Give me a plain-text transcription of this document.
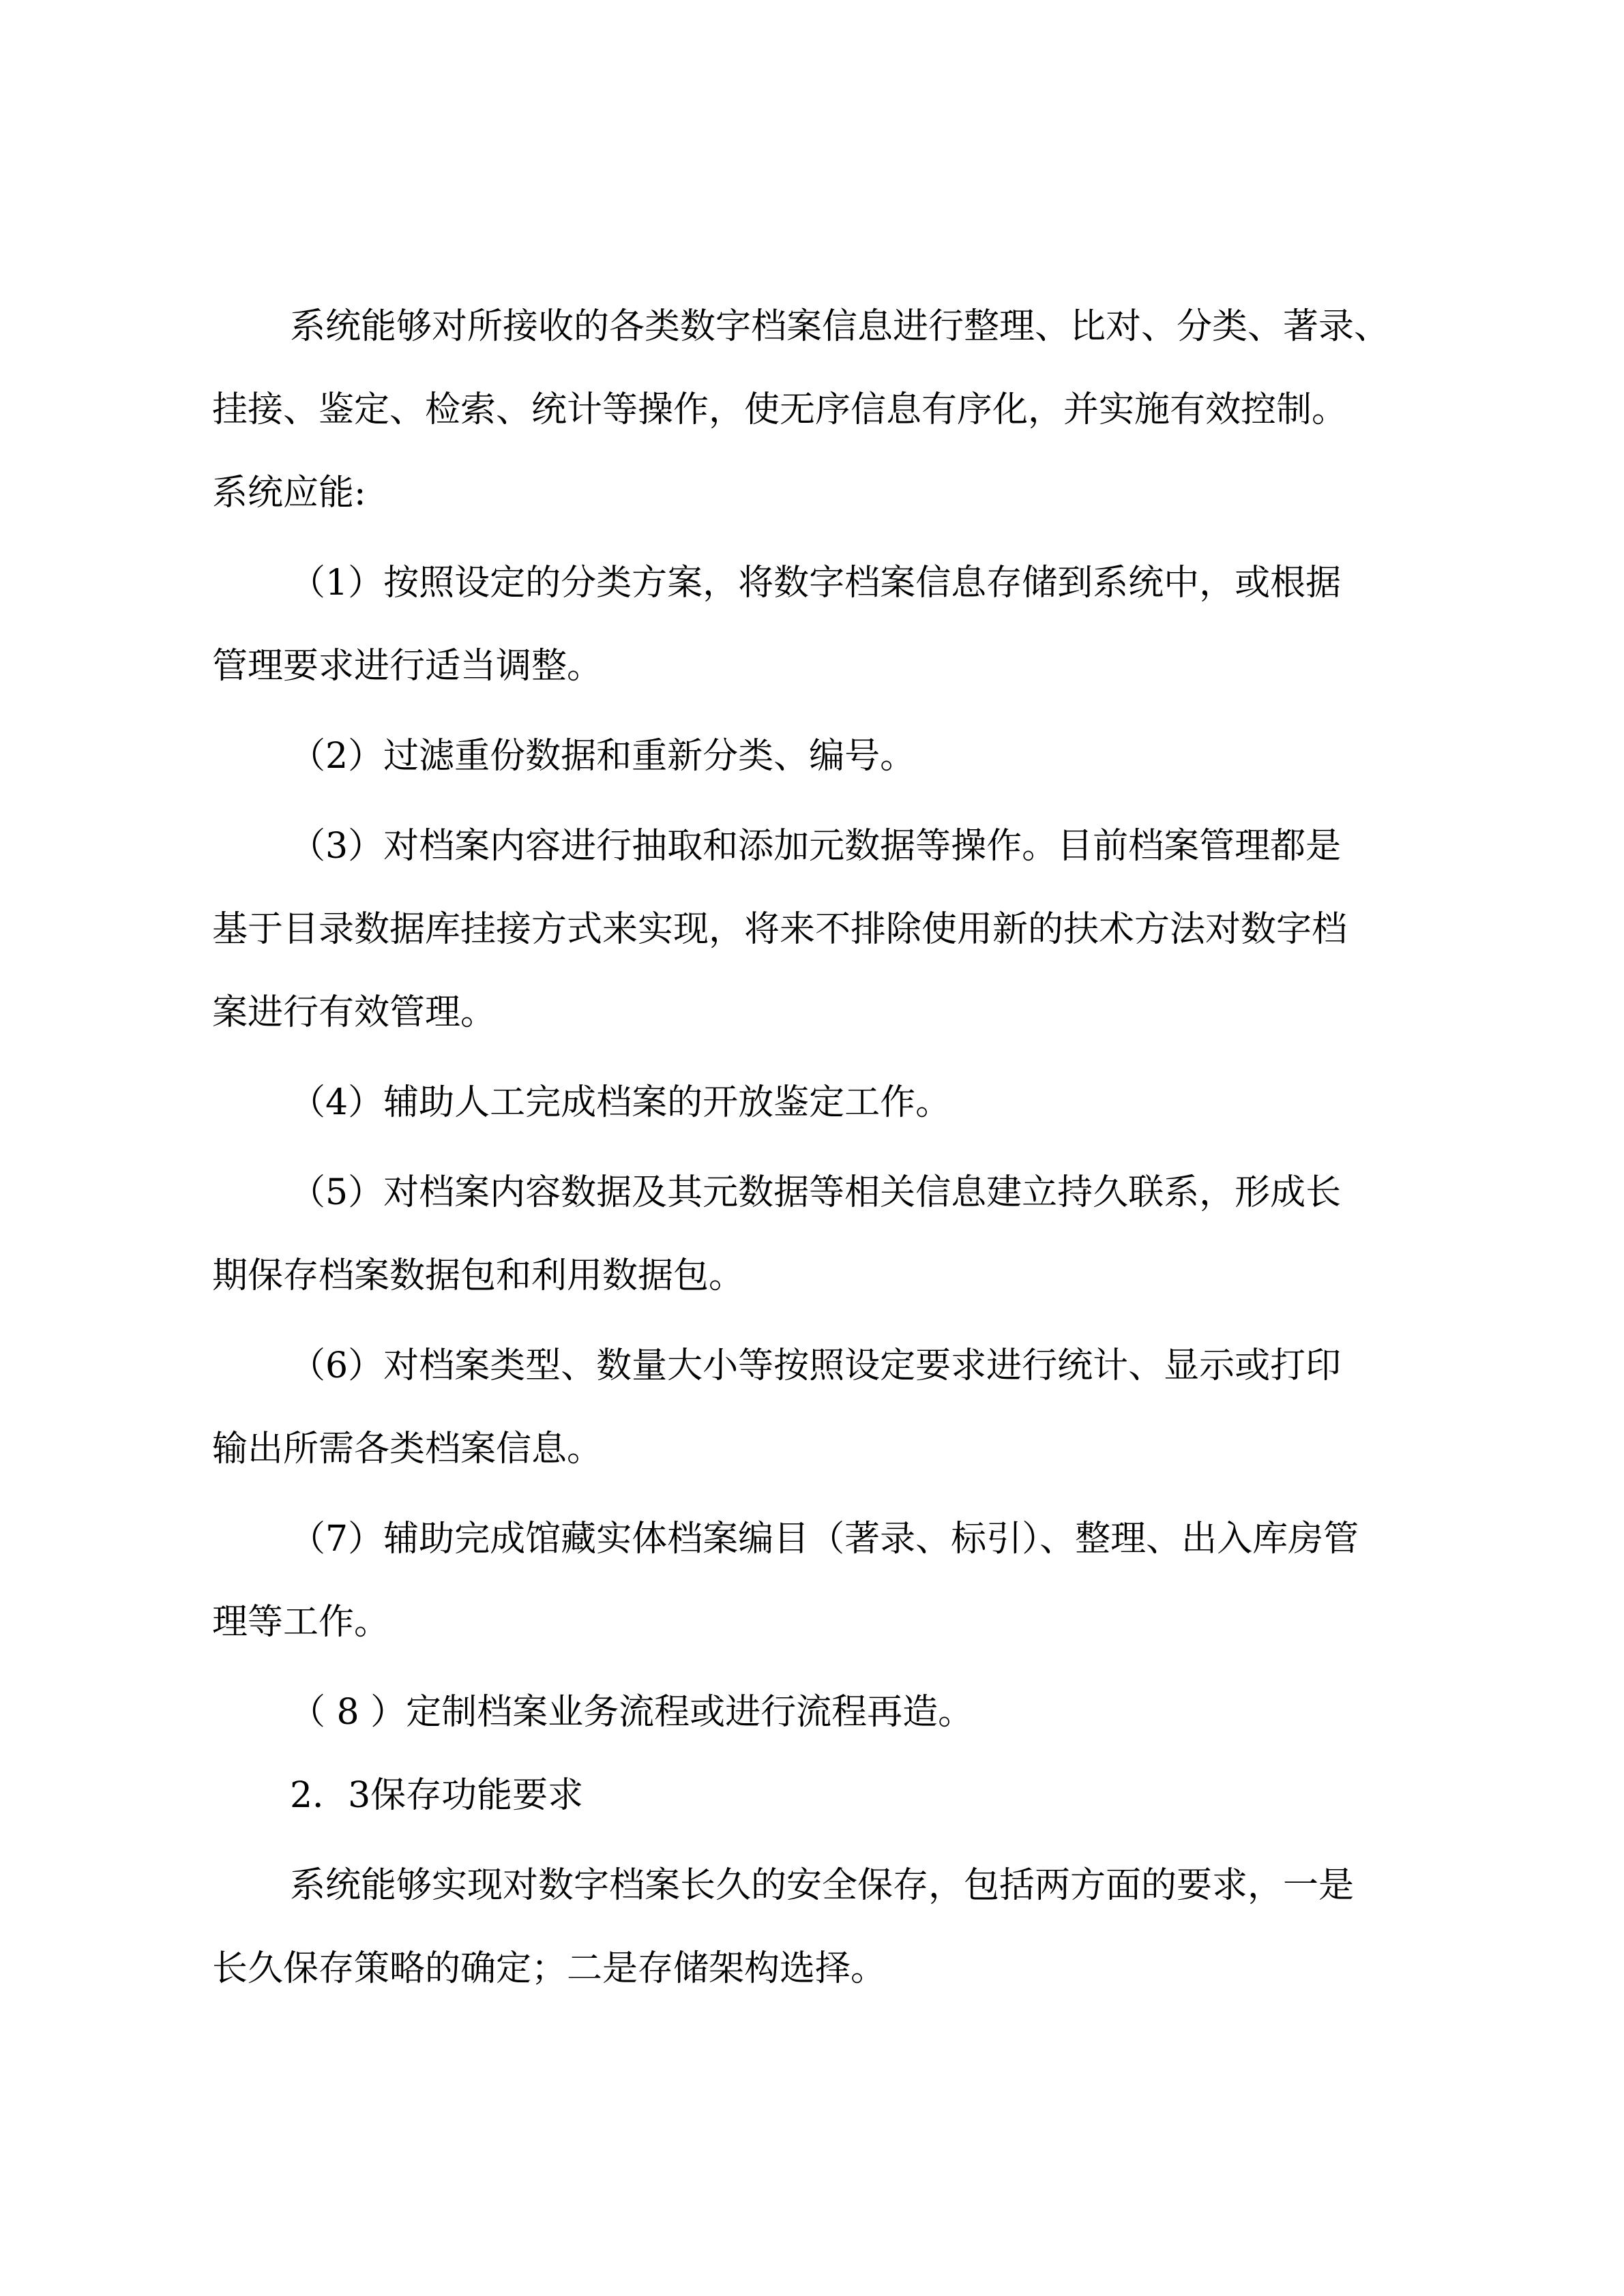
系统能够对所接收的各类数字档案信息进行整理、比对、分类、著录、
挂接、鉴定、检索、统计等操作，使无序信息有序化，并实施有效控制。
系统应能:
（1）按照设定的分类方案，将数字档案信息存储到系统中，或根据
管理要求进行适当调整。
（2）过滤重份数据和重新分类、编号。
（3）对档案内容进行抽取和添加元数据等操作。目前档案管理都是
基于目录数据库挂接方式来实现，将来不排除使用新的扶术方法对数字档
案进行有效管理。
（4）辅助人工完成档案的开放鉴定工作。
（5）对档案内容数据及其元数据等相关信息建立持久联系，形成长
期保存档案数据包和利用数据包。
（6）对档案类型、数量大小等按照设定要求进行统计、显示或打印
输出所需各类档案信息。
（7）辅助完成馆藏实体档案编目（著录、标引）、整理、出入库房管
理等工作。
（ 8 ）定制档案业务流程或进行流程再造。
2．3保存功能要求
系统能够实现对数字档案长久的安全保存，包括两方面的要求，一是
长久保存策略的确定；二是存储架构选择。
